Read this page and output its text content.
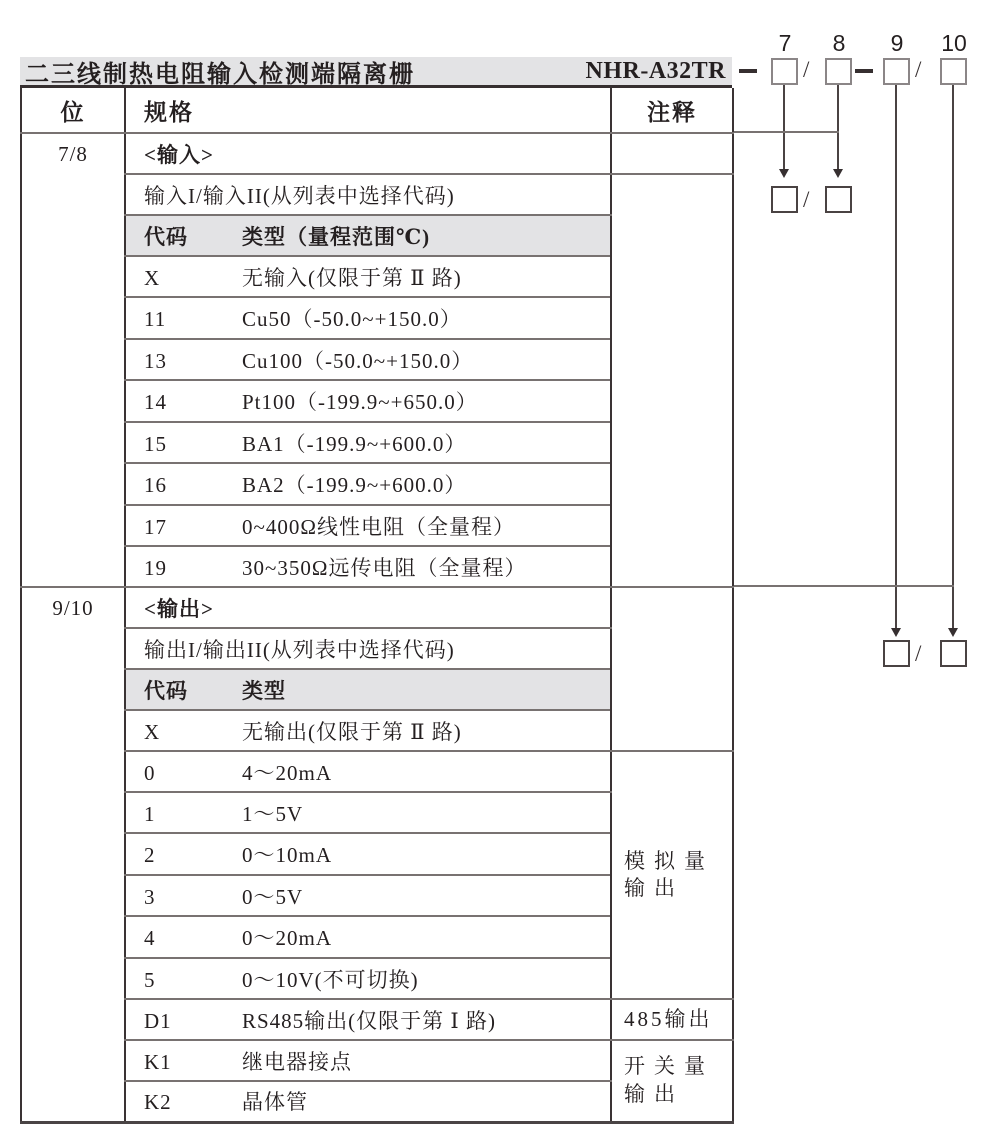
二三线制热电阻输入检测端隔离栅	NHR-A32TR
7	8	9	10
/	/
/
/
位	规格	注释
7/8	<输入>	
	输入I/输入II(从列表中选择代码)	
	代码 类型（量程范围℃)	
	X 无输入(仅限于第 Ⅱ 路)	
	11 Cu50（-50.0~+150.0）	
	13 Cu100（-50.0~+150.0）	
	14 Pt100（-199.9~+650.0）	
	15 BA1（-199.9~+600.0）	
	16 BA2（-199.9~+600.0）	
	17 0~400Ω线性电阻（全量程）	
	19 30~350Ω远传电阻（全量程）	
9/10	<输出>	
	输出I/输出II(从列表中选择代码)	
	代码 类型	
	X 无输出(仅限于第 Ⅱ 路)	
	0 4～20mA	模拟量
输出

	1 1～5V	
	2 0～10mA	
	3 0～5V	
	4 0～20mA	
	5 0～10V(不可切换)	
	D1 RS485输出(仅限于第 Ⅰ 路)	485输出

	K1 继电器接点	开关量
输出

	K2 晶体管	
